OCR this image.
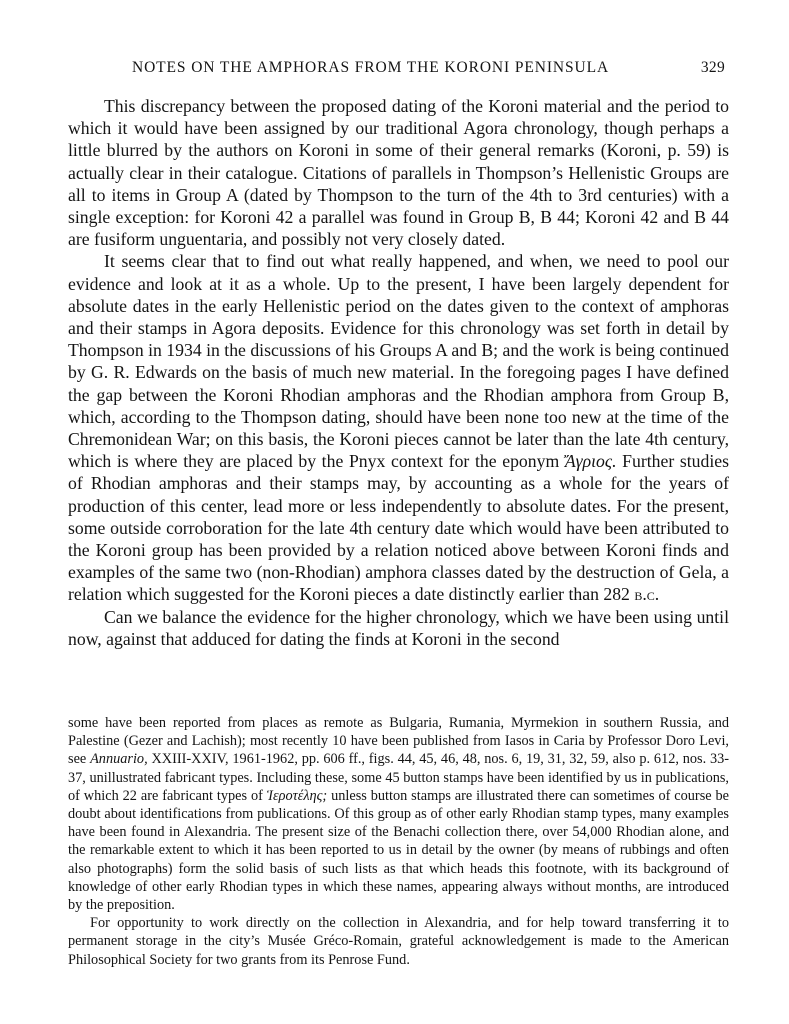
NOTES ON THE AMPHORAS FROM THE KORONI PENINSULA	329

This discrepancy between the proposed dating of the Koroni material and the period to which it would have been assigned by our traditional Agora chronology, though perhaps a little blurred by the authors on Koroni in some of their general remarks (Koroni, p. 59) is actually clear in their catalogue. Citations of parallels in Thompson’s Hellenistic Groups are all to items in Group A (dated by Thompson to the turn of the 4th to 3rd centuries) with a single exception: for Koroni 42 a parallel was found in Group B, B 44; Koroni 42 and B 44 are fusiform unguentaria, and possibly not very closely dated.

It seems clear that to find out what really happened, and when, we need to pool our evidence and look at it as a whole. Up to the present, I have been largely dependent for absolute dates in the early Hellenistic period on the dates given to the context of amphoras and their stamps in Agora deposits. Evidence for this chronology was set forth in detail by Thompson in 1934 in the discussions of his Groups A and B; and the work is being continued by G. R. Edwards on the basis of much new material. In the foregoing pages I have defined the gap between the Koroni Rhodian amphoras and the Rhodian amphora from Group B, which, according to the Thompson dating, should have been none too new at the time of the Chremonidean War; on this basis, the Koroni pieces cannot be later than the late 4th century, which is where they are placed by the Pnyx context for the eponym Ἄγριος. Further studies of Rhodian amphoras and their stamps may, by accounting as a whole for the years of production of this center, lead more or less independently to absolute dates. For the present, some outside corroboration for the late 4th century date which would have been attributed to the Koroni group has been provided by a relation noticed above between Koroni finds and examples of the same two (non-Rhodian) amphora classes dated by the destruction of Gela, a relation which suggested for the Koroni pieces a date distinctly earlier than 282 b.c.

Can we balance the evidence for the higher chronology, which we have been using until now, against that adduced for dating the finds at Koroni in the second

some have been reported from places as remote as Bulgaria, Rumania, Myrmekion in southern Russia, and Palestine (Gezer and Lachish); most recently 10 have been published from Iasos in Caria by Professor Doro Levi, see Annuario, XXIII-XXIV, 1961-1962, pp. 606 ff., figs. 44, 45, 46, 48, nos. 6, 19, 31, 32, 59, also p. 612, nos. 33-37, unillustrated fabricant types. Including these, some 45 button stamps have been identified by us in publications, of which 22 are fabricant types of Ἱεροτέλης; unless button stamps are illustrated there can sometimes of course be doubt about identifications from publications. Of this group as of other early Rhodian stamp types, many examples have been found in Alexandria. The present size of the Benachi collection there, over 54,000 Rhodian alone, and the remarkable extent to which it has been reported to us in detail by the owner (by means of rubbings and often also photographs) form the solid basis of such lists as that which heads this footnote, with its background of knowledge of other early Rhodian types in which these names, appearing always without months, are introduced by the preposition.

For opportunity to work directly on the collection in Alexandria, and for help toward transferring it to permanent storage in the city’s Musée Gréco-Romain, grateful acknowledgement is made to the American Philosophical Society for two grants from its Penrose Fund.
